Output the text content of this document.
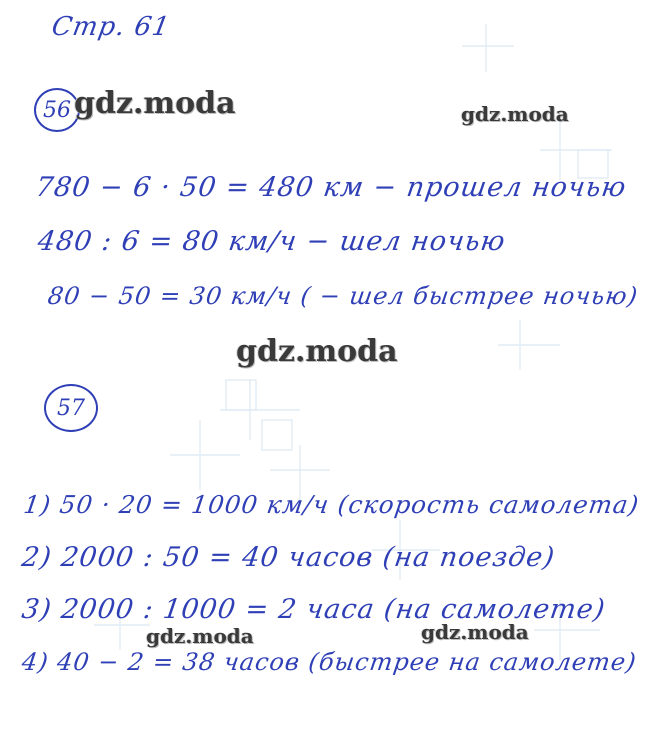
Стр. 61
56 gdz.moda	gdz.moda
780 − 6 · 50 = 480 км − прошел ночью
480 : 6 = 80 км/ч − шел ночью
80 − 50 = 30 км/ч ( − шел быстрее ночью)
gdz.moda
57
1) 50 · 20 = 1000 км/ч (скорость самолета)
2) 2000 : 50 = 40 часов (на поезде)
3) 2000 : 1000 = 2 часа (на самолете)
gdz.moda	gdz.moda
4) 40 − 2 = 38 часов (быстрее на самолете)
